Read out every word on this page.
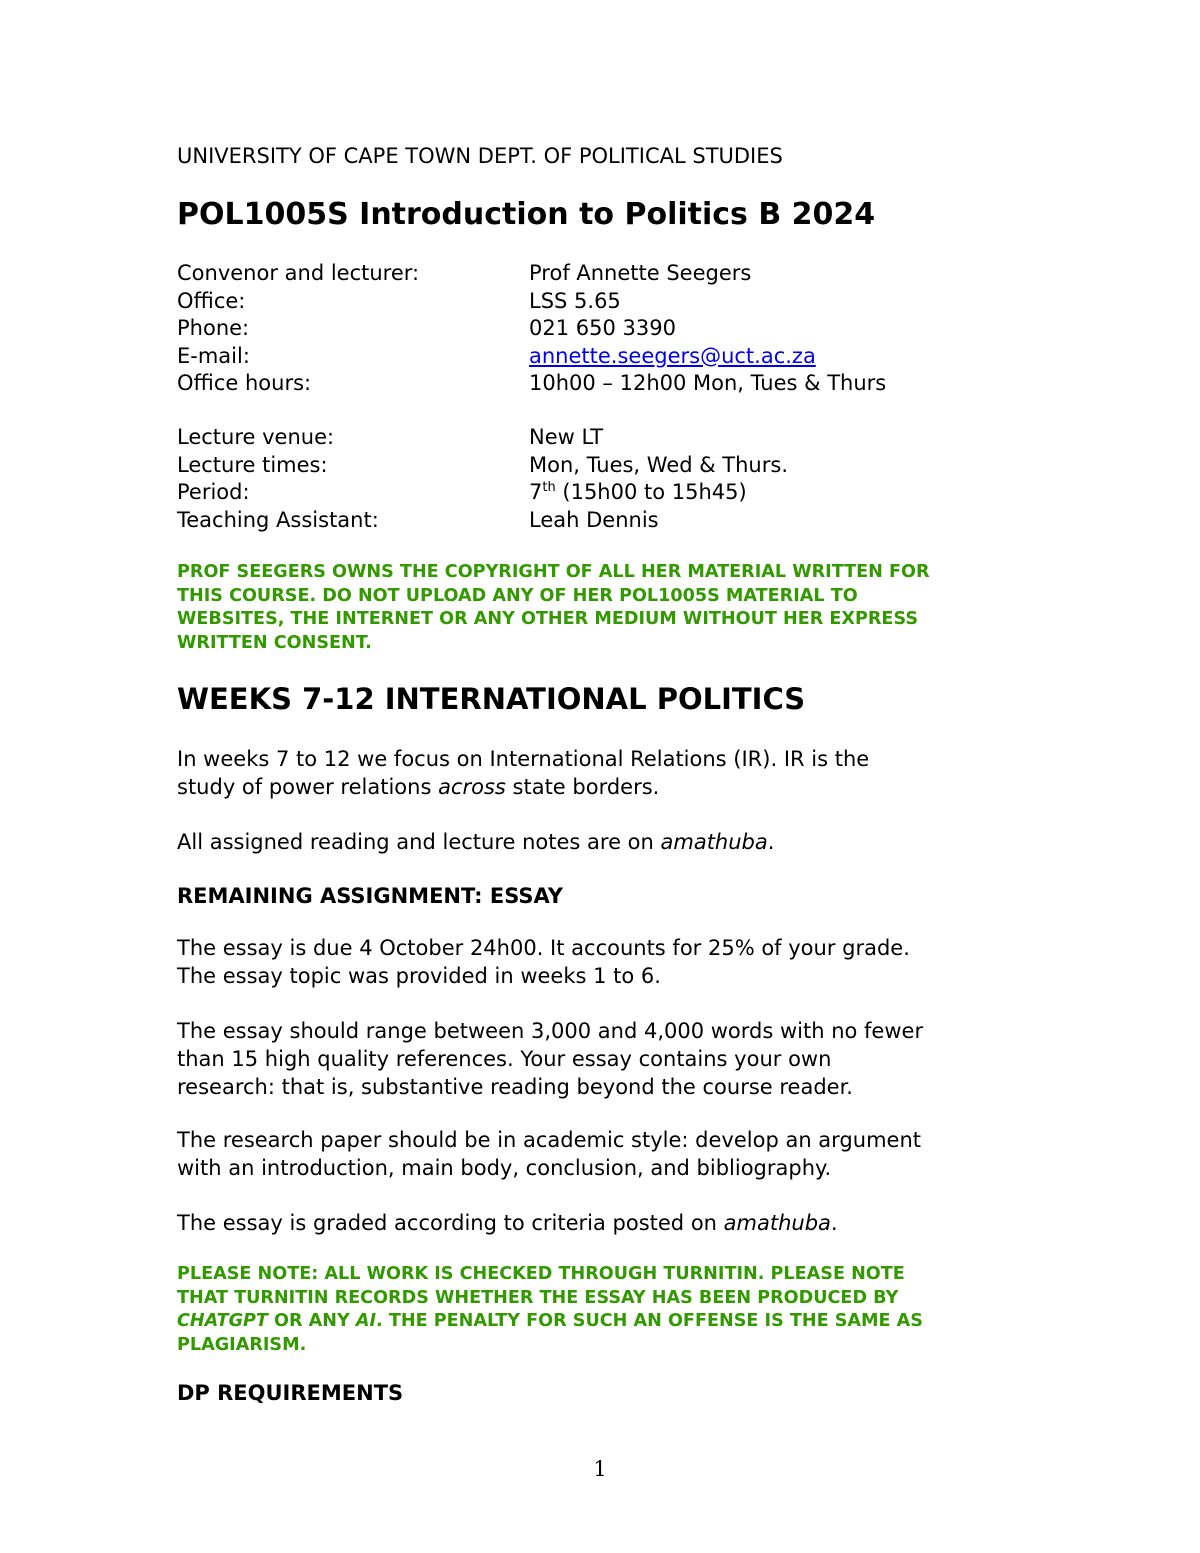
UNIVERSITY OF CAPE TOWN DEPT. OF POLITICAL STUDIES

POL1005S Introduction to Politics B 2024
Convenor and lecturer:	Prof Annette Seegers
Office:	LSS 5.65
Phone:	021 650 3390
E-mail:	annette.seegers@uct.ac.za
Office hours:	10h00 – 12h00 Mon, Tues & Thurs
Lecture venue:	New LT
Lecture times:	Mon, Tues, Wed & Thurs.
Period:	7th (15h00 to 15h45)
Teaching Assistant:	Leah Dennis
PROF SEEGERS OWNS THE COPYRIGHT OF ALL HER MATERIAL WRITTEN FOR
THIS COURSE. DO NOT UPLOAD ANY OF HER POL1005S MATERIAL TO
WEBSITES, THE INTERNET OR ANY OTHER MEDIUM WITHOUT HER EXPRESS
WRITTEN CONSENT.
WEEKS 7-12 INTERNATIONAL POLITICS
In weeks 7 to 12 we focus on International Relations (IR). IR is the
study of power relations across state borders.
All assigned reading and lecture notes are on amathuba.
REMAINING ASSIGNMENT: ESSAY
The essay is due 4 October 24h00. It accounts for 25% of your grade.
The essay topic was provided in weeks 1 to 6.
The essay should range between 3,000 and 4,000 words with no fewer
than 15 high quality references. Your essay contains your own
research: that is, substantive reading beyond the course reader.
The research paper should be in academic style: develop an argument
with an introduction, main body, conclusion, and bibliography.
The essay is graded according to criteria posted on amathuba.
PLEASE NOTE: ALL WORK IS CHECKED THROUGH TURNITIN. PLEASE NOTE
THAT TURNITIN RECORDS WHETHER THE ESSAY HAS BEEN PRODUCED BY
CHATGPT OR ANY AI. THE PENALTY FOR SUCH AN OFFENSE IS THE SAME AS
PLAGIARISM.
DP REQUIREMENTS
1
